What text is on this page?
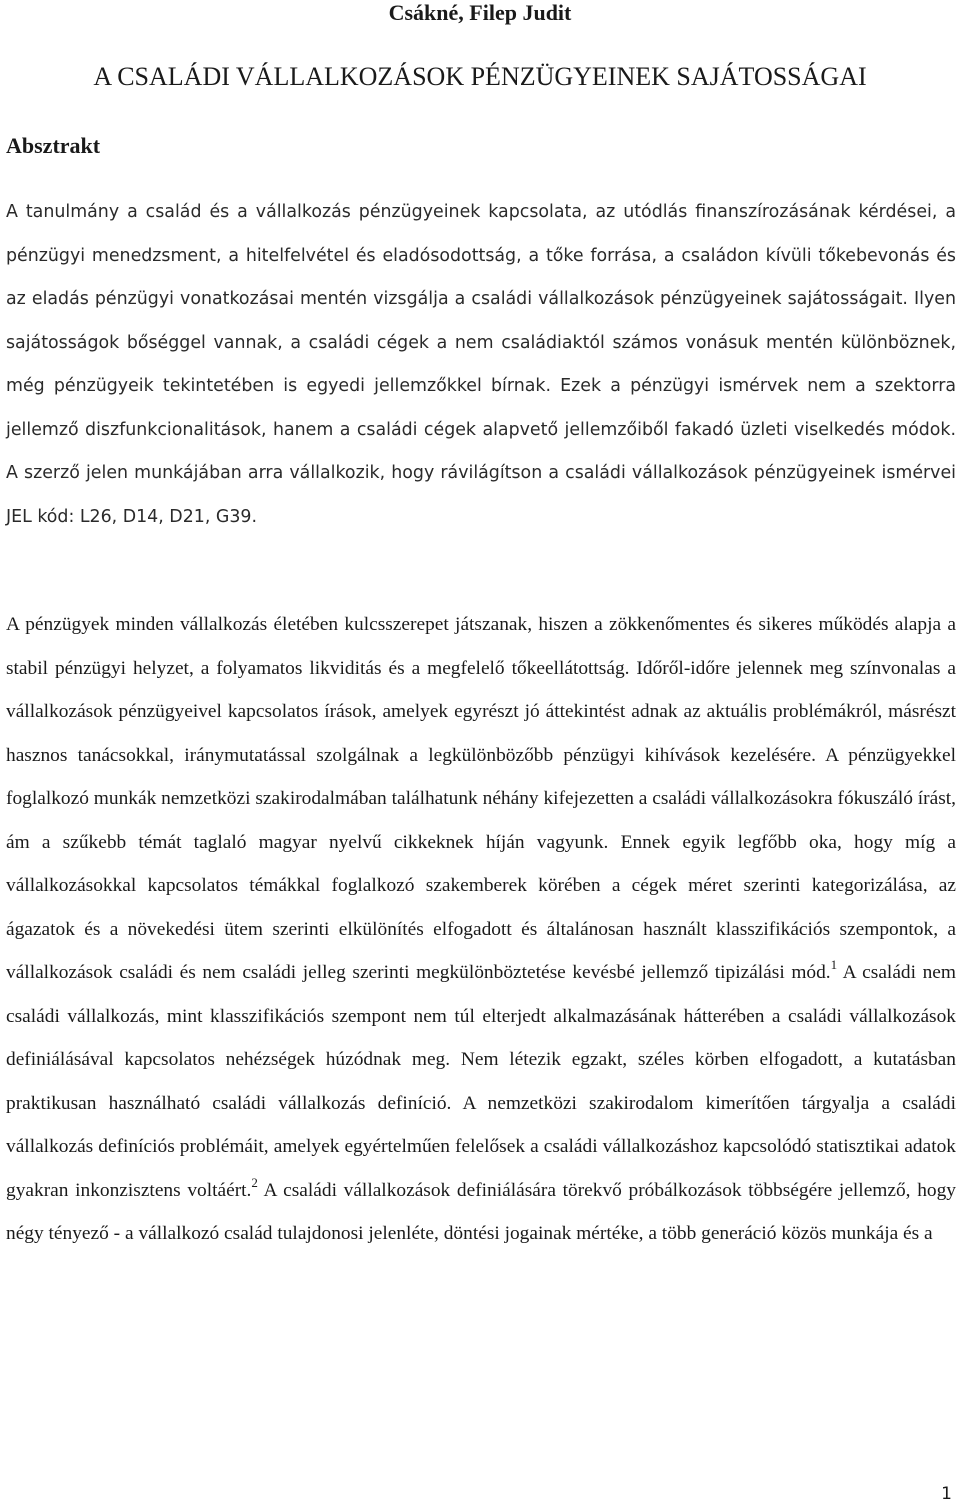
Csákné, Filep Judit
A CSALÁDI VÁLLALKOZÁSOK PÉNZÜGYEINEK SAJÁTOSSÁGAI
Absztrakt

A tanulmány a család és a vállalkozás pénzügyeinek kapcsolata, az utódlás finanszírozásának kérdései, a pénzügyi menedzsment, a hitelfelvétel és eladósodottság, a tőke forrása, a családon kívüli tőkebevonás és az eladás pénzügyi vonatkozásai mentén vizsgálja a családi vállalkozások pénzügyeinek sajátosságait. Ilyen sajátosságok bőséggel vannak, a családi cégek a nem családiaktól számos vonásuk mentén különböznek, még pénzügyeik tekintetében is egyedi jellemzőkkel bírnak. Ezek a pénzügyi ismérvek nem a szektorra jellemző diszfunkcionalitások, hanem a családi cégek alapvető jellemzőiből fakadó üzleti viselkedés módok. A szerző jelen munkájában arra vállalkozik, hogy rávilágítson a családi vállalkozások pénzügyeinek ismérvei JEL kód: L26, D14, D21, G39.

A pénzügyek minden vállalkozás életében kulcsszerepet játszanak, hiszen a zökkenőmentes és sikeres működés alapja a stabil pénzügyi helyzet, a folyamatos likviditás és a megfelelő tőkeellátottság. Időről-időre jelennek meg színvonalas a vállalkozások pénzügyeivel kapcsolatos írások, amelyek egyrészt jó áttekintést adnak az aktuális problémákról, másrészt hasznos tanácsokkal, iránymutatással szolgálnak a legkülönbözőbb pénzügyi kihívások kezelésére. A pénzügyekkel foglalkozó munkák nemzetközi szakirodalmában találhatunk néhány kifejezetten a családi vállalkozásokra fókuszáló írást, ám a szűkebb témát taglaló magyar nyelvű cikkeknek híján vagyunk. Ennek egyik legfőbb oka, hogy míg a vállalkozásokkal kapcsolatos témákkal foglalkozó szakemberek körében a cégek méret szerinti kategorizálása, az ágazatok és a növekedési ütem szerinti elkülönítés elfogadott és általánosan használt klasszifikációs szempontok, a vállalkozások családi és nem családi jelleg szerinti megkülönböztetése kevésbé jellemző tipizálási mód.$^1$ A családi nem családi vállalkozás, mint klasszifikációs szempont nem túl elterjedt alkalmazásának hátterében a családi vállalkozások definiálásával kapcsolatos nehézségek húzódnak meg. Nem létezik egzakt, széles körben elfogadott, a kutatásban praktikusan használható családi vállalkozás definíció. A nemzetközi szakirodalom kimerítően tárgyalja a családi vállalkozás definíciós problémáit, amelyek egyértelműen felelősek a családi vállalkozáshoz kapcsolódó statisztikai adatok gyakran inkonzisztens voltáért.$^2$ A családi vállalkozások definiálására törekvő próbálkozások többségére jellemző, hogy négy tényező - a vállalkozó család tulajdonosi jelenléte, döntési jogainak mértéke, a több generáció közös munkája és a

1
